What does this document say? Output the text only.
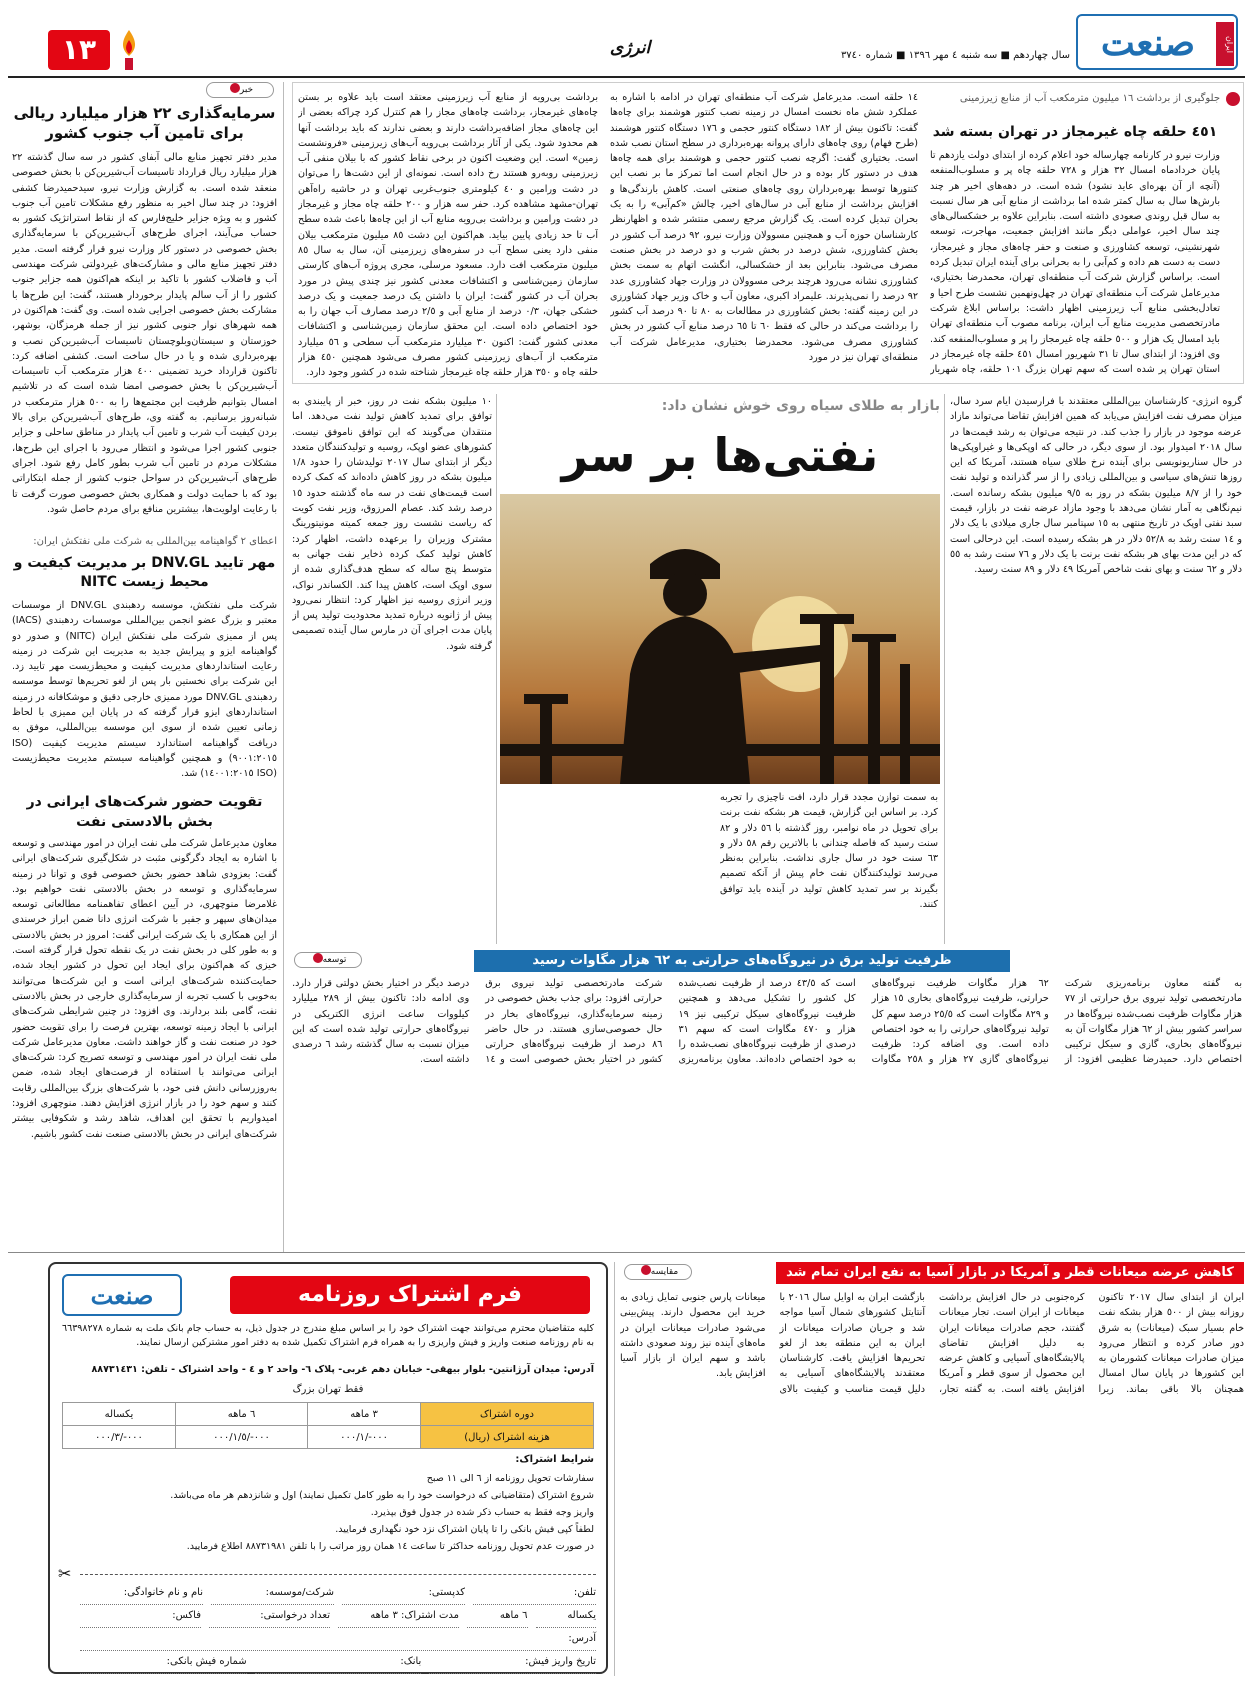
صنعت	ایران
سال چهاردهم ■ سه شنبه ٤ مهر ١٣٩٦ ■ شماره ٣٧٤٠
انرژی
١٣
خبر
سرمایه‌گذاری ٢٢ هزار میلیارد ریالی برای تامین آب جنوب کشور
مدیر دفتر تجهیز منابع مالی آبفای کشور در سه سال گذشته ٢٢ هزار میلیارد ریال قرارداد تاسیسات آب‌شیرین‌کن با بخش خصوصی منعقد شده است. به گزارش وزارت نیرو، سیدحمیدرضا کشفی افزود: در چند سال اخیر به منظور رفع مشکلات تامین آب جنوب کشور و به ویژه جزایر خلیج‌فارس که از نقاط استراتژیک کشور به حساب می‌آیند، اجرای طرح‌های آب‌شیرین‌کن با سرمایه‌گذاری بخش خصوصی در دستور کار وزارت نیرو قرار گرفته است. مدیر دفتر تجهیز منابع مالی و مشارکت‌های غیردولتی شرکت مهندسی آب و فاضلاب کشور با تاکید بر اینکه هم‌اکنون همه جزایر جنوب کشور را از آب سالم پایدار برخوردار هستند، گفت: این طرح‌ها با مشارکت بخش خصوصی اجرایی شده است. وی گفت: هم‌اکنون در همه شهرهای نوار جنوبی کشور نیز از جمله هرمزگان، بوشهر، خوزستان و سیستان‌وبلوچستان تاسیسات آب‌شیرین‌کن نصب و بهره‌برداری شده و یا در حال ساخت است. کشفی اضافه کرد: تاکنون قرارداد خرید تضمینی ٤٠٠ هزار مترمکعب آب تاسیسات آب‌شیرین‌کن با بخش خصوصی امضا شده است که در تلاشیم امسال بتوانیم ظرفیت این مجتمع‌ها را به ٥٠٠ هزار مترمکعب در شبانه‌روز برسانیم. به گفته وی، طرح‌های آب‌شیرین‌کن برای بالا بردن کیفیت آب شرب و تامین آب پایدار در مناطق ساحلی و جزایر جنوبی کشور اجرا می‌شود و انتظار می‌رود با اجرای این طرح‌ها، مشکلات مردم در تامین آب شرب بطور کامل رفع شود. اجرای طرح‌های آب‌شیرین‌کن در سواحل جنوب کشور از جمله ابتکاراتی بود که با حمایت دولت و همکاری بخش خصوصی صورت گرفت تا با رعایت اولویت‌ها، بیشترین منافع برای مردم حاصل شود.
اعطای ٢ گواهینامه بین‌المللی به شرکت ملی نفتکش ایران:
مهر تایید DNV.GL بر مدیریت کیفیت و محیط زیست NITC
شرکت ملی نفتکش، موسسه ردهبندی DNV.GL از موسسات معتبر و بزرگ عضو انجمن بین‌المللی موسسات ردهبندی (IACS) پس از ممیزی شرکت ملی نفتکش ایران (NITC) و صدور دو گواهینامه ایزو و پیرایش جدید به مدیریت این شرکت در زمینه رعایت استانداردهای مدیریت کیفیت و محیط‌زیست مهر تایید زد. این شرکت برای نخستین بار پس از لغو تحریم‌ها توسط موسسه ردهبندی DNV.GL مورد ممیزی خارجی دقیق و موشکافانه در زمینه استانداردهای ایزو قرار گرفته که در پایان این ممیزی با لحاظ زمانی تعیین شده از سوی این موسسه بین‌المللی، موفق به دریافت گواهینامه استاندارد سیستم مدیریت کیفیت (ISO ٩٠٠١:٢٠١٥) و همچنین گواهینامه سیستم مدیریت محیط‌زیست (ISO ١٤٠٠١:٢٠١٥) شد.
تقویت حضور شرکت‌های ایرانی در بخش بالادستی نفت
معاون مدیرعامل شرکت ملی نفت ایران در امور مهندسی و توسعه با اشاره به ایجاد دگرگونی مثبت در شکل‌گیری شرکت‌های ایرانی گفت: بعزودی شاهد حضور بخش خصوصی قوی و توانا در زمینه سرمایه‌گذاری و توسعه در بخش بالادستی نفت خواهیم بود. غلامرضا منوچهری، در آیین اعطای تفاهمنامه مطالعاتی توسعه میدان‌های سپهر و جفیر با شرکت انرژی دانا ضمن ابراز خرسندی از این همکاری با یک شرکت ایرانی گفت: امروز در بخش بالادستی و به طور کلی در بخش نفت در یک نقطه تحول قرار گرفته است. خیزی که هم‌اکنون برای ایجاد این تحول در کشور ایجاد شده، حمایت‌کننده شرکت‌های ایرانی است و این شرکت‌ها می‌توانند به‌خوبی با کسب تجربه از سرمایه‌گذاری خارجی در بخش بالادستی نفت، گامی بلند بردارند. وی افزود: در چنین شرایطی شرکت‌های ایرانی با ایجاد زمینه توسعه، بهترین فرصت را برای تقویت حضور خود در صنعت نفت و گاز خواهند داشت. معاون مدیرعامل شرکت ملی نفت ایران در امور مهندسی و توسعه تصریح کرد: شرکت‌های ایرانی می‌توانند با استفاده از فرصت‌های ایجاد شده، ضمن به‌روزرسانی دانش فنی خود، با شرکت‌های بزرگ بین‌المللی رقابت کنند و سهم خود را در بازار انرژی افزایش دهند. منوچهری افزود: امیدواریم با تحقق این اهداف، شاهد رشد و شکوفایی بیشتر شرکت‌های ایرانی در بخش بالادستی صنعت نفت کشور باشیم.
جلوگیری از برداشت ١٦ میلیون مترمکعب آب از منابع زیرزمینی
٤٥١ حلقه چاه غیرمجاز در تهران بسته شد
وزارت نیرو در کارنامه چهارساله خود اعلام کرده از ابتدای دولت یازدهم تا پایان خردادماه امسال ٣٢ هزار و ٧٢٨ حلقه چاه پر و مسلوب‌المنفعه (آنچه از آن بهره‌ای عاید نشود) شده است. در دهه‌های اخیر هر چند بارش‌ها سال به سال کمتر شده اما برداشت از منابع آبی هر سال نسبت به سال قبل روندی صعودی داشته است. بنابراین علاوه بر خشکسالی‌های چند سال اخیر، عواملی دیگر مانند افزایش جمعیت، مهاجرت، توسعه شهرنشینی، توسعه کشاورزی و صنعت و حفر چاه‌های مجاز و غیرمجاز، دست به دست هم داده و کم‌آبی را به بحرانی برای آینده ایران تبدیل کرده است. براساس گزارش شرکت آب منطقه‌ای تهران، محمدرضا بختیاری، مدیرعامل شرکت آب منطقه‌ای تهران در چهل‌ونهمین نشست طرح احیا و تعادل‌بخشی منابع آب زیرزمینی اظهار داشت: براساس ابلاغ شرکت مادرتخصصی مدیریت منابع آب ایران، برنامه مصوب آب منطقه‌ای تهران باید امسال یک هزار و ٥٠٠ حلقه چاه غیرمجاز را پر و مسلوب‌المنفعه کند. وی افزود: از ابتدای سال تا ٣١ شهریور امسال ٤٥١ حلقه چاه غیرمجاز در استان تهران پر شده است که سهم تهران بزرگ ١٠١ حلقه، چاه شهریار
١٤ حلقه است. مدیرعامل شرکت آب منطقه‌ای تهران در ادامه با اشاره به عملکرد شش ماه نخست امسال در زمینه نصب کنتور هوشمند برای چاه‌ها گفت: تاکنون بیش از ١٨٢ دستگاه کنتور حجمی و ١٧٦ دستگاه کنتور هوشمند (طرح فهام) روی چاه‌های دارای پروانه بهره‌برداری در سطح استان نصب شده است. بختیاری گفت: اگرچه نصب کنتور حجمی و هوشمند برای همه چاه‌ها هدف در دستور کار بوده و در حال انجام است اما تمرکز ما بر نصب این کنتورها توسط بهره‌برداران روی چاه‌های صنعتی است. کاهش بارندگی‌ها و افزایش برداشت از منابع آبی در سال‌های اخیر، چالش «کم‌آبی» را به یک بحران تبدیل کرده است. یک گزارش مرجع رسمی منتشر شده و اظهارنظر کارشناسان حوزه آب و همچنین مسوولان وزارت نیرو، ٩٢ درصد آب کشور در بخش کشاورزی، شش درصد در بخش شرب و دو درصد در بخش صنعت مصرف می‌شود. بنابراین بعد از خشکسالی، انگشت اتهام به سمت بخش کشاورزی نشانه می‌رود هرچند برخی مسوولان در وزارت جهاد کشاورزی عدد ٩٢ درصد را نمی‌پذیرند. علیمراد اکبری، معاون آب و خاک وزیر جهاد کشاورزی در این زمینه گفته: بخش کشاورزی در مطالعات به ٨٠ تا ٩٠ درصد آب کشور را برداشت می‌کند در حالی که فقط ٦٠ تا ٦٥ درصد منابع آب کشور در بخش کشاورزی مصرف می‌شود. محمدرضا بختیاری، مدیرعامل شرکت آب منطقه‌ای تهران نیز در مورد
برداشت بی‌رویه از منابع آب زیرزمینی معتقد است باید علاوه بر بستن چاه‌های غیرمجاز، برداشت چاه‌های مجاز را هم کنترل کرد چراکه بعضی از این چاه‌های مجاز اضافه‌برداشت دارند و بعضی ندارند که باید برداشت آنها هم محدود شود. یکی از آثار برداشت بی‌رویه آب‌های زیرزمینی «فرونشست زمین» است. این وضعیت اکنون در برخی نقاط کشور که با بیلان منفی آب زیرزمینی روبه‌رو هستند رخ داده است. نمونه‌ای از این دشت‌ها را می‌توان در دشت ورامین و ٤٠ کیلومتری جنوب‌غربی تهران و در حاشیه راه‌آهن تهران-مشهد مشاهده کرد. حفر سه هزار و ٢٠٠ حلقه چاه مجاز و غیرمجاز در دشت ورامین و برداشت بی‌رویه منابع آب از این چاه‌ها باعث شده سطح آب تا حد زیادی پایین بیاید. هم‌اکنون این دشت ٨٥ میلیون مترمکعب بیلان منفی دارد یعنی سطح آب در سفره‌های زیرزمینی آن، سال به سال ٨٥ میلیون مترمکعب افت دارد. مسعود مرسلی، مجری پروژه آب‌های کارستی سازمان زمین‌شناسی و اکتشافات معدنی کشور نیز چندی پیش در مورد بحران آب در کشور گفت: ایران با داشتن یک درصد جمعیت و یک درصد خشکی جهان، ٠/٣ درصد از منابع آبی و ٢/٥ درصد مصارف آب جهان را به خود اختصاص داده است. این محقق سازمان زمین‌شناسی و اکتشافات معدنی کشور گفت: اکنون ٣٠ میلیارد مترمکعب آب سطحی و ٥٦ میلیارد مترمکعب از آب‌های زیرزمینی کشور مصرف می‌شود همچنین ٤٥٠ هزار حلقه چاه و ٣٥٠ هزار حلقه چاه غیرمجاز شناخته شده در کشور وجود دارد.
گروه انرژی- کارشناسان بین‌المللی معتقدند با فرارسیدن ایام سرد سال، میزان مصرف نفت افزایش می‌یابد که همین افزایش تقاضا می‌تواند مازاد عرضه موجود در بازار را جذب کند. در نتیجه می‌توان به رشد قیمت‌ها در سال ٢٠١٨ امیدوار بود. از سوی دیگر، در حالی که اوپکی‌ها و غیراوپکی‌ها در حال سناریونویسی برای آینده نرخ طلای سیاه هستند، آمریکا که این روزها تنش‌های سیاسی و بین‌المللی زیادی را از سر گذرانده و تولید نفت خود را از ٨/٧ میلیون بشکه در روز به ٩/٥ میلیون بشکه رسانده است. نیم‌نگاهی به آمار نشان می‌دهد با وجود مازاد عرضه نفت در بازار، قیمت سبد نفتی اوپک در تاریخ منتهی به ١٥ سپتامبر سال جاری میلادی با یک دلار و ١٤ سنت رشد به ٥٢/٨ دلار در هر بشکه رسیده است. این درحالی است که در این مدت بهای هر بشکه نفت برنت با یک دلار و ٧٦ سنت رشد به ٥٥ دلار و ٦٢ سنت و بهای نفت شاخص آمریکا ٤٩ دلار و ٨٩ سنت رسید.
بازار به طلای سیاه روی خوش نشان داد:
نفتی‌ها بر سر
به سمت توازن مجدد قرار دارد، افت ناچیزی را تجربه کرد. بر اساس این گزارش، قیمت هر بشکه نفت برنت برای تحویل در ماه نوامبر، روز گذشته با ٥٦ دلار و ٨٢ سنت رسید که فاصله چندانی با بالاترین رقم ٥٨ دلار و ٦٣ سنت خود در سال جاری نداشت. بنابراین به‌نظر می‌رسد تولیدکنندگان نفت خام پیش از آنکه تصمیم بگیرند بر سر تمدید کاهش تولید در آینده باید توافق کنند.
١٠ میلیون بشکه نفت در روز، خبر از پایبندی به توافق برای تمدید کاهش تولید نفت می‌دهد. اما منتقدان می‌گویند که این توافق ناموفق نیست. کشورهای عضو اوپک، روسیه و تولیدکنندگان متعدد دیگر از ابتدای سال ٢٠١٧ تولیدشان را حدود ١/٨ میلیون بشکه در روز کاهش داده‌اند که کمک کرده است قیمت‌های نفت در سه ماه گذشته حدود ١٥ درصد رشد کند. عصام المرزوق، وزیر نفت کویت که ریاست نشست روز جمعه کمیته مونیتورینگ مشترک وزیران را برعهده داشت، اظهار کرد: کاهش تولید کمک کرده ذخایر نفت جهانی به متوسط پنج ساله که سطح هدف‌گذاری شده از سوی اوپک است، کاهش پیدا کند. الکساندر نواک، وزیر انرژی روسیه نیز اظهار کرد: انتظار نمی‌رود پیش از ژانویه درباره تمدید محدودیت تولید پس از پایان مدت اجرای آن در مارس سال آینده تصمیمی گرفته شود.
توسعه	ظرفیت تولید برق در نیروگاه‌های حرارتی به ٦٢ هزار مگاوات رسید
به گفته معاون برنامه‌ریزی شرکت مادرتخصصی تولید نیروی برق حرارتی از ٧٧ هزار مگاوات ظرفیت نصب‌شده نیروگاه‌ها در سراسر کشور بیش از ٦٢ هزار مگاوات آن به نیروگاه‌های بخاری، گازی و سیکل ترکیبی اختصاص دارد. حمیدرضا عظیمی افزود: از ٦٢ هزار مگاوات ظرفیت نیروگاه‌های حرارتی، ظرفیت نیروگاه‌های بخاری ١٥ هزار و ٨٢٩ مگاوات است که ٢٥/٥ درصد سهم کل تولید نیروگاه‌های حرارتی را به خود اختصاص داده است. وی اضافه کرد: ظرفیت نیروگاه‌های گازی ٢٧ هزار و ٢٥٨ مگاوات است که ٤٣/٥ درصد از ظرفیت نصب‌شده کل کشور را تشکیل می‌دهد و همچنین ظرفیت نیروگاه‌های سیکل ترکیبی نیز ١٩ هزار و ٤٧٠ مگاوات است که سهم ٣١ درصدی از ظرفیت نیروگاه‌های نصب‌شده را به خود اختصاص داده‌اند. معاون برنامه‌ریزی شرکت مادرتخصصی تولید نیروی برق حرارتی افزود: برای جذب بخش خصوصی در زمینه سرمایه‌گذاری، نیروگاه‌های بخار در حال خصوصی‌سازی هستند. در حال حاضر ٨٦ درصد از ظرفیت نیروگاه‌های حرارتی کشور در اختیار بخش خصوصی است و ١٤ درصد دیگر در اختیار بخش دولتی قرار دارد. وی ادامه داد: تاکنون بیش از ٢٨٩ میلیارد کیلووات ساعت انرژی الکتریکی در نیروگاه‌های حرارتی تولید شده است که این میزان نسبت به سال گذشته رشد ٦ درصدی داشته است.
کاهش عرضه میعانات قطر و آمریکا در بازار آسیا به نفع ایران تمام شد
مقایسه
ایران از ابتدای سال ٢٠١٧ تاکنون روزانه بیش از ٥٠٠ هزار بشکه نفت خام بسیار سبک (میعانات) به شرق دور صادر کرده و انتظار می‌رود میزان صادرات میعانات کشورمان به این کشورها در پایان سال امسال همچنان بالا باقی بماند. زیرا کره‌جنوبی در حال افزایش برداشت میعانات از ایران است. تجار میعانات گفتند، حجم صادرات میعانات ایران به دلیل افزایش تقاضای پالایشگاه‌های آسیایی و کاهش عرضه این محصول از سوی قطر و آمریکا افزایش یافته است. به گفته تجار، بازگشت ایران به اوایل سال ٢٠١٦ با آنتایتل کشورهای شمال آسیا مواجه شد و جریان صادرات میعانات از ایران به این منطقه بعد از لغو تحریم‌ها افزایش یافت. کارشناسان معتقدند پالایشگاه‌های آسیایی به دلیل قیمت مناسب و کیفیت بالای میعانات پارس جنوبی تمایل زیادی به خرید این محصول دارند. پیش‌بینی می‌شود صادرات میعانات ایران در ماه‌های آینده نیز روند صعودی داشته باشد و سهم ایران از بازار آسیا افزایش یابد.
صنعت	فرم اشتراک روزنامه
کلیه متقاضیان محترم می‌توانند جهت اشتراک خود را بر اساس مبلغ مندرج در جدول ذیل، به حساب جام بانک ملت به شماره ٦٦٣٩٨٢٧٨ به نام روزنامه صنعت واریز و فیش واریزی را به همراه فرم اشتراک تکمیل شده به دفتر امور مشترکین ارسال نمایند.
آدرس: میدان آرژانتین- بلوار بیهقی- خیابان دهم غربی- پلاک ٦- واحد ٢ و ٤ - واحد اشتراک - تلفن: ٨٨٧٣١٤٣١
فقط تهران بزرگ
دوره اشتراک	٣ ماهه	٦ ماهه	یکساله
هزینه اشتراک (ریال)	٠٠٠-/٠٠٠/١	٠٠٠-/٠٠٠/١/٥	٠٠٠-/٠٠٠/٣
شرایط اشتراک:
سفارشات تحویل روزنامه از ٦ الی ١١ صبح
شروع اشتراک (متقاضیانی که درخواست خود را به طور کامل تکمیل نمایند) اول و شانزدهم هر ماه می‌باشد.
واریز وجه فقط به حساب ذکر شده در جدول فوق بپذیرد.
لطفاً کپی فیش بانکی را تا پایان اشتراک نزد خود نگهداری فرمایید.
در صورت عدم تحویل روزنامه حداکثر تا ساعت ١٤ همان روز مراتب را با تلفن ٨٨٧٣١٩٨١ اطلاع فرمایید.
✂
نام و نام خانوادگی:	شرکت/موسسه:	کدپستی:	تلفن:
فاکس:	تعداد درخواستی:	مدت اشتراک: ٣ ماهه	٦ ماهه	یکساله
آدرس:
شماره فیش بانکی:	بانک:	تاریخ واریز فیش:
